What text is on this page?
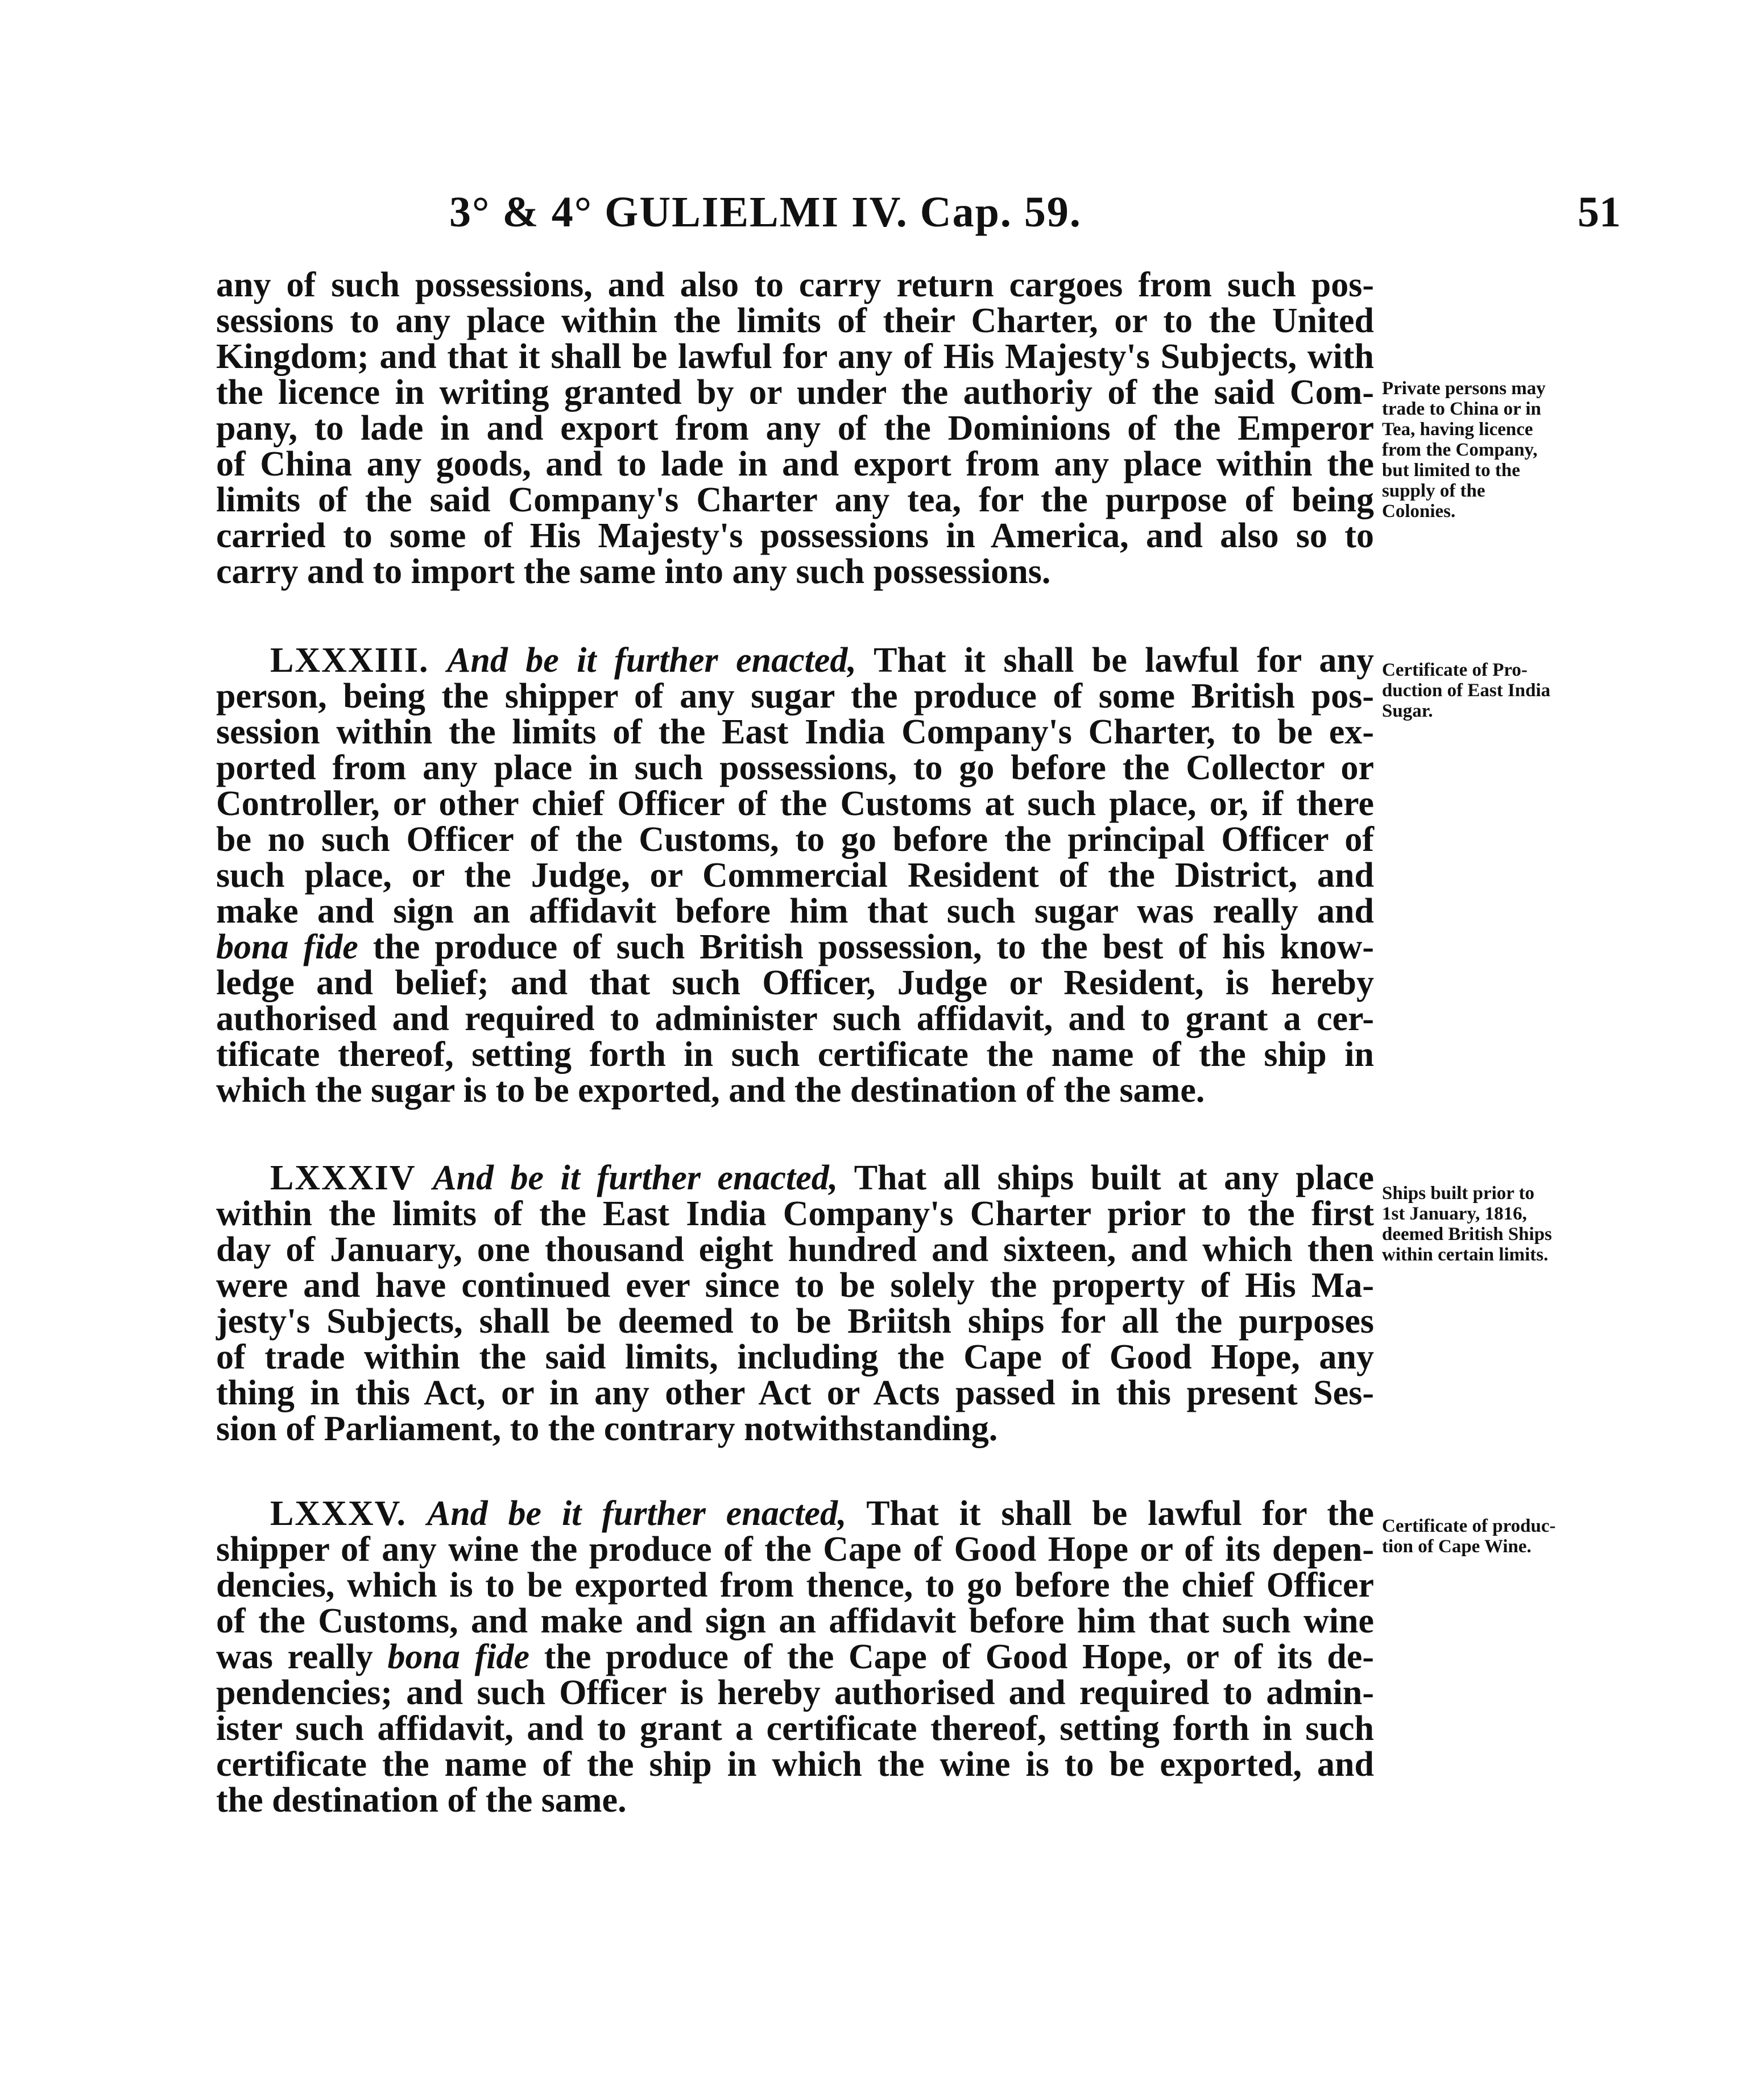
3° & 4° GULIELMI IV. Cap. 59.	51
any of such possessions, and also to carry return cargoes from such pos-
sessions to any place within the limits of their Charter, or to the United
Kingdom; and that it shall be lawful for any of His Majesty's Subjects, with
the licence in writing granted by or under the authoriy of the said Com-
pany, to lade in and export from any of the Dominions of the Emperor
of China any goods, and to lade in and export from any place within the
limits of the said Company's Charter any tea, for the purpose of being
carried to some of His Majesty's possessions in America, and also so to
carry and to import the same into any such possessions.
Private persons may
trade to China or in
Tea, having licence
from the Company,
but limited to the
supply of the
Colonies.
LXXXIII. And be it further enacted, That it shall be lawful for any
person, being the shipper of any sugar the produce of some British pos-
session within the limits of the East India Company's Charter, to be ex-
ported from any place in such possessions, to go before the Collector or
Controller, or other chief Officer of the Customs at such place, or, if there
be no such Officer of the Customs, to go before the principal Officer of
such place, or the Judge, or Commercial Resident of the District, and
make and sign an affidavit before him that such sugar was really and
bona fide the produce of such British possession, to the best of his know-
ledge and belief; and that such Officer, Judge or Resident, is hereby
authorised and required to administer such affidavit, and to grant a cer-
tificate thereof, setting forth in such certificate the name of the ship in
which the sugar is to be exported, and the destination of the same.
Certificate of Pro-
duction of East India
Sugar.
LXXXIV And be it further enacted, That all ships built at any place
within the limits of the East India Company's Charter prior to the first
day of January, one thousand eight hundred and sixteen, and which then
were and have continued ever since to be solely the property of His Ma-
jesty's Subjects, shall be deemed to be Briitsh ships for all the purposes
of trade within the said limits, including the Cape of Good Hope, any
thing in this Act, or in any other Act or Acts passed in this present Ses-
sion of Parliament, to the contrary notwithstanding.
Ships built prior to
1st January, 1816,
deemed British Ships
within certain limits.
LXXXV. And be it further enacted, That it shall be lawful for the
shipper of any wine the produce of the Cape of Good Hope or of its depen-
dencies, which is to be exported from thence, to go before the chief Officer
of the Customs, and make and sign an affidavit before him that such wine
was really bona fide the produce of the Cape of Good Hope, or of its de-
pendencies; and such Officer is hereby authorised and required to admin-
ister such affidavit, and to grant a certificate thereof, setting forth in such
certificate the name of the ship in which the wine is to be exported, and
the destination of the same.
Certificate of produc-
tion of Cape Wine.
